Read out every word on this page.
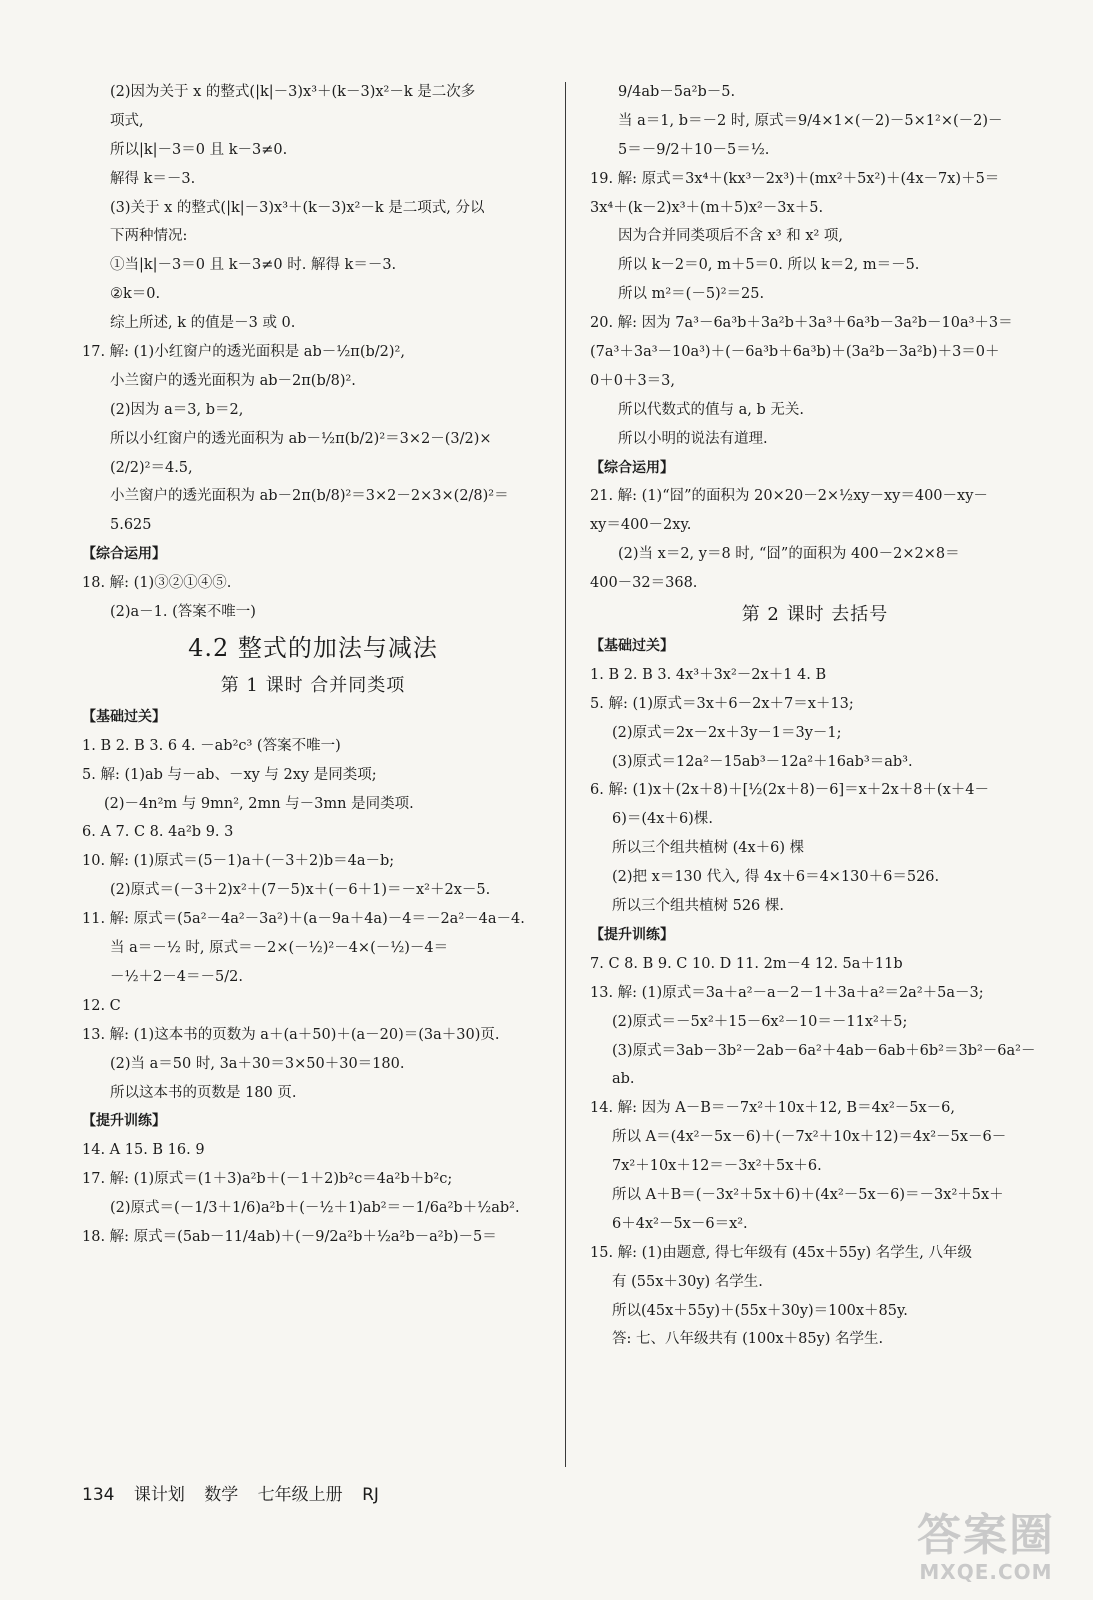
(2)因为关于 x 的整式(|k|－3)x³＋(k－3)x²－k 是二次多
项式,
所以|k|－3＝0 且 k－3≠0.
解得 k＝－3.
(3)关于 x 的整式(|k|－3)x³＋(k－3)x²－k 是二项式, 分以
下两种情况:
①当|k|－3＝0 且 k－3≠0 时. 解得 k＝－3.
②k＝0.
综上所述, k 的值是－3 或 0.
17. 解: (1)小红窗户的透光面积是 ab－½π(b/2)²,
小兰窗户的透光面积为 ab－2π(b/8)².
(2)因为 a＝3, b＝2,
所以小红窗户的透光面积为 ab－½π(b/2)²＝3×2－(3/2)×
(2/2)²＝4.5,
小兰窗户的透光面积为 ab－2π(b/8)²＝3×2－2×3×(2/8)²＝
5.625
【综合运用】
18. 解: (1)③②①④⑤.
(2)a－1. (答案不唯一)
4.2 整式的加法与减法
第 1 课时 合并同类项
【基础过关】
1. B 2. B 3. 6 4. －ab²c³ (答案不唯一)
5. 解: (1)ab 与－ab、－xy 与 2xy 是同类项;
(2)－4n²m 与 9mn², 2mn 与－3mn 是同类项.
6. A 7. C 8. 4a²b 9. 3
10. 解: (1)原式＝(5－1)a＋(－3＋2)b＝4a－b;
(2)原式＝(－3＋2)x²＋(7－5)x＋(－6＋1)＝－x²＋2x－5.
11. 解: 原式＝(5a²－4a²－3a²)＋(a－9a＋4a)－4＝－2a²－4a－4.
当 a＝－½ 时, 原式＝－2×(－½)²－4×(－½)－4＝
－½＋2－4＝－5/2.
12. C
13. 解: (1)这本书的页数为 a＋(a＋50)＋(a－20)＝(3a＋30)页.
(2)当 a＝50 时, 3a＋30＝3×50＋30＝180.
所以这本书的页数是 180 页.
【提升训练】
14. A 15. B 16. 9
17. 解: (1)原式＝(1＋3)a²b＋(－1＋2)b²c＝4a²b＋b²c;
(2)原式＝(－1/3＋1/6)a²b＋(－½＋1)ab²＝－1/6a²b＋½ab².
18. 解: 原式＝(5ab－11/4ab)＋(－9/2a²b＋½a²b－a²b)－5＝
9/4ab－5a²b－5.
当 a＝1, b＝－2 时, 原式＝9/4×1×(－2)－5×1²×(－2)－
5＝－9/2＋10－5＝½.
19. 解: 原式＝3x⁴＋(kx³－2x³)＋(mx²＋5x²)＋(4x－7x)＋5＝
3x⁴＋(k－2)x³＋(m＋5)x²－3x＋5.
因为合并同类项后不含 x³ 和 x² 项,
所以 k－2＝0, m＋5＝0. 所以 k＝2, m＝－5.
所以 m²＝(－5)²＝25.
20. 解: 因为 7a³－6a³b＋3a²b＋3a³＋6a³b－3a²b－10a³＋3＝
(7a³＋3a³－10a³)＋(－6a³b＋6a³b)＋(3a²b－3a²b)＋3＝0＋
0＋0＋3＝3,
所以代数式的值与 a, b 无关.
所以小明的说法有道理.
【综合运用】
21. 解: (1)“囧”的面积为 20×20－2×½xy－xy＝400－xy－
xy＝400－2xy.
(2)当 x＝2, y＝8 时, “囧”的面积为 400－2×2×8＝
400－32＝368.
第 2 课时 去括号
【基础过关】
1. B 2. B 3. 4x³＋3x²－2x＋1 4. B
5. 解: (1)原式＝3x＋6－2x＋7＝x＋13;
(2)原式＝2x－2x＋3y－1＝3y－1;
(3)原式＝12a²－15ab³－12a²＋16ab³＝ab³.
6. 解: (1)x＋(2x＋8)＋[½(2x＋8)－6]＝x＋2x＋8＋(x＋4－
6)＝(4x＋6)棵.
所以三个组共植树 (4x＋6) 棵
(2)把 x＝130 代入, 得 4x＋6＝4×130＋6＝526.
所以三个组共植树 526 棵.
【提升训练】
7. C 8. B 9. C 10. D 11. 2m－4 12. 5a＋11b
13. 解: (1)原式＝3a＋a²－a－2－1＋3a＋a²＝2a²＋5a－3;
(2)原式＝－5x²＋15－6x²－10＝－11x²＋5;
(3)原式＝3ab－3b²－2ab－6a²＋4ab－6ab＋6b²＝3b²－6a²－
ab.
14. 解: 因为 A－B＝－7x²＋10x＋12, B＝4x²－5x－6,
所以 A＝(4x²－5x－6)＋(－7x²＋10x＋12)＝4x²－5x－6－
7x²＋10x＋12＝－3x²＋5x＋6.
所以 A＋B＝(－3x²＋5x＋6)＋(4x²－5x－6)＝－3x²＋5x＋
6＋4x²－5x－6＝x².
15. 解: (1)由题意, 得七年级有 (45x＋55y) 名学生, 八年级
有 (55x＋30y) 名学生.
所以(45x＋55y)＋(55x＋30y)＝100x＋85y.
答: 七、八年级共有 (100x＋85y) 名学生.
134 课计划 数学 七年级上册 RJ
答案圈
MXQE.COM
